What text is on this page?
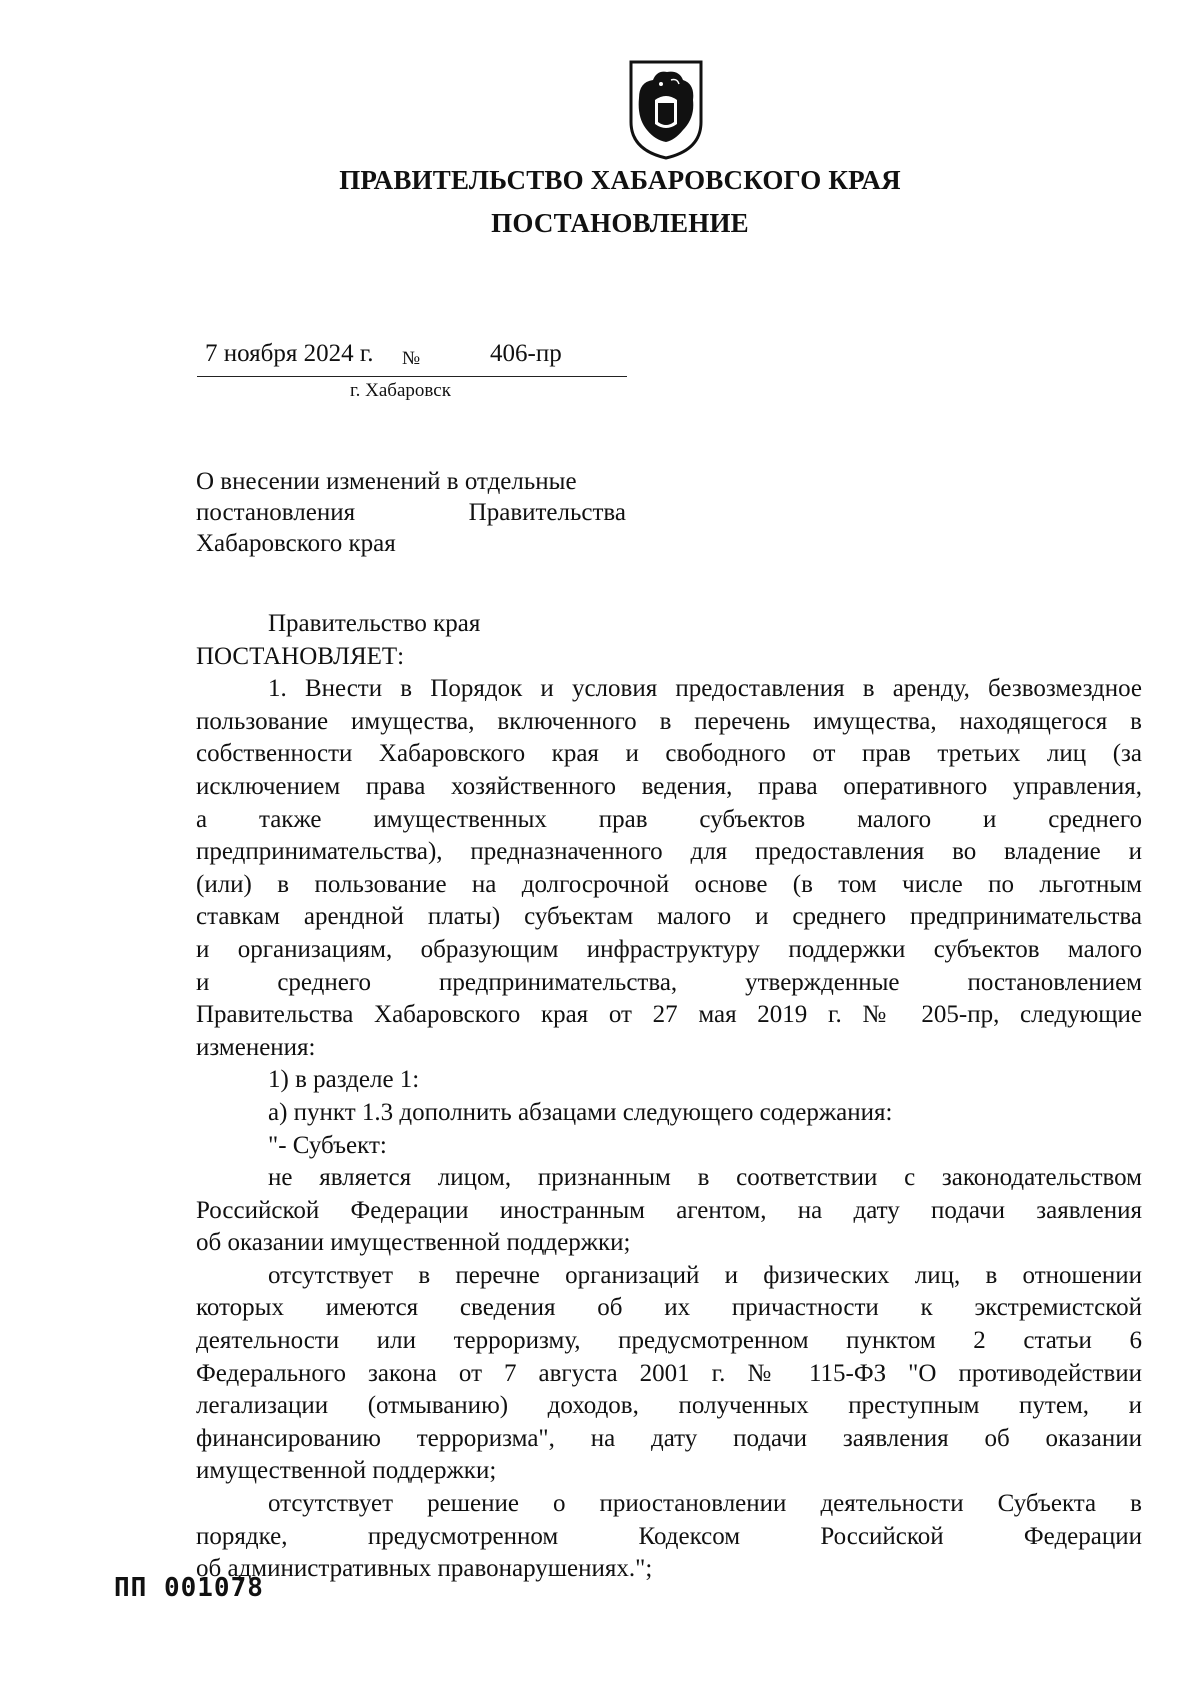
ПРАВИТЕЛЬСТВО ХАБАРОВСКОГО КРАЯ
ПОСТАНОВЛЕНИЕ
7 ноября 2024 г. №	406-пр
г. Хабаровск
О внесении изменений в отдельные
постановления	Правительства
Хабаровского края

Правительство края

ПОСТАНОВЛЯЕТ:

1. Внести в Порядок и условия предоставления в аренду, безвозмездное

пользование имущества, включенного в перечень имущества, находящегося в

собственности Хабаровского края и свободного от прав третьих лиц (за

исключением права хозяйственного ведения, права оперативного управления,

а также имущественных прав субъектов малого и среднего

предпринимательства), предназначенного для предоставления во владение и

(или) в пользование на долгосрочной основе (в том числе по льготным

ставкам арендной платы) субъектам малого и среднего предпринимательства

и организациям, образующим инфраструктуру поддержки субъектов малого

и среднего предпринимательства, утвержденные постановлением

Правительства Хабаровского края от 27 мая 2019 г. № 205-пр, следующие

изменения:

1) в разделе 1:

а) пункт 1.3 дополнить абзацами следующего содержания:

"- Субъект:

не является лицом, признанным в соответствии с законодательством

Российской Федерации иностранным агентом, на дату подачи заявления

об оказании имущественной поддержки;

отсутствует в перечне организаций и физических лиц, в отношении

которых имеются сведения об их причастности к экстремистской

деятельности или терроризму, предусмотренном пунктом 2 статьи 6

Федерального закона от 7 августа 2001 г. № 115-ФЗ "О противодействии

легализации (отмыванию) доходов, полученных преступным путем, и

финансированию терроризма", на дату подачи заявления об оказании

имущественной поддержки;

отсутствует решение о приостановлении деятельности Субъекта в

порядке, предусмотренном Кодексом Российской Федерации

об административных правонарушениях.";

ПП 001078
